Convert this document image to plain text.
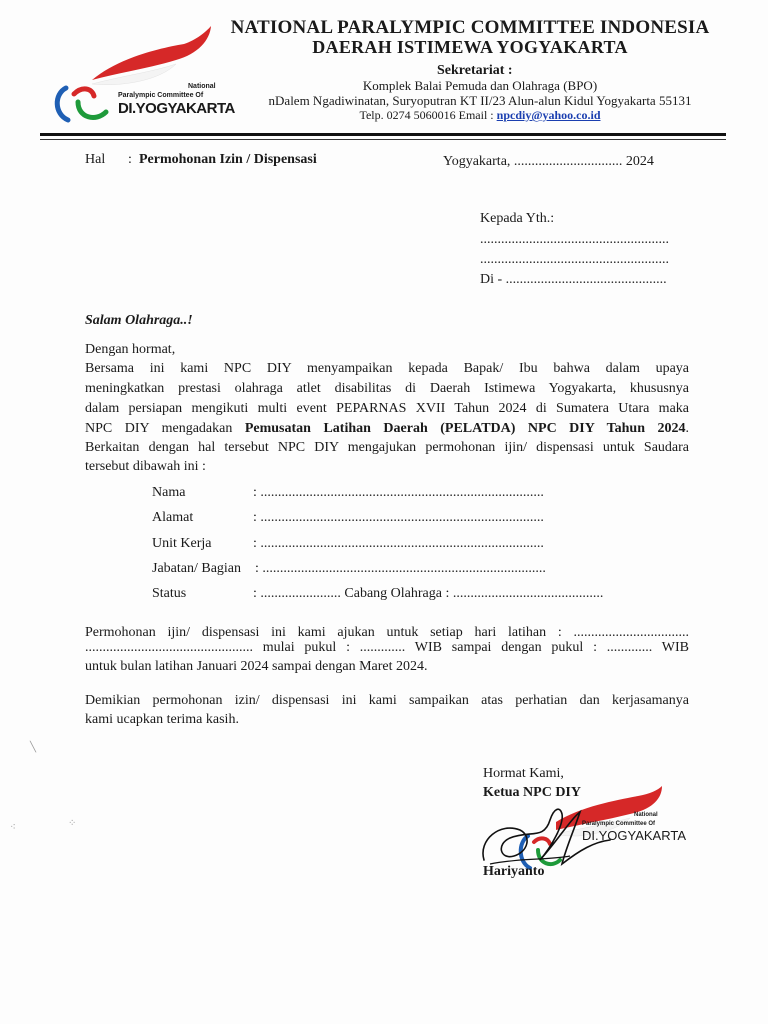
National
Paralympic Committee Of
DI.YOGYAKARTA
NATIONAL PARALYMPIC COMMITTEE INDONESIA
DAERAH ISTIMEWA YOGYAKARTA
Sekretariat :
Komplek Balai Pemuda dan Olahraga (BPO)
nDalem Ngadiwinatan, Suryoputran KT II/23 Alun-alun Kidul Yogyakarta 55131
Telp. 0274 5060016 Email : npcdiy@yahoo.co.id
Hal : Permohonan Izin / Dispensasi	Yogyakarta, ............................... 2024
Kepada Yth.:
......................................................
......................................................
Di - ..............................................
Salam Olahraga..!
Dengan hormat,
Bersama ini kami NPC DIY menyampaikan kepada Bapak/ Ibu bahwa dalam upaya
meningkatkan prestasi olahraga atlet disabilitas di Daerah Istimewa Yogyakarta, khususnya
dalam persiapan mengikuti multi event PEPARNAS XVII Tahun 2024 di Sumatera Utara maka
NPC DIY mengadakan Pemusatan Latihan Daerah (PELATDA) NPC DIY Tahun 2024.
Berkaitan dengan hal tersebut NPC DIY mengajukan permohonan ijin/ dispensasi untuk Saudara
tersebut dibawah ini :
Nama	: .................................................................................
Alamat	: .................................................................................
Unit Kerja	: .................................................................................
Jabatan/ Bagian : .................................................................................
Status	: ....................... Cabang Olahraga : ...........................................
Permohonan ijin/ dispensasi ini kami ajukan untuk setiap hari latihan : .................................
................................................ mulai pukul : ............. WIB sampai dengan pukul : ............. WIB
untuk bulan latihan Januari 2024 sampai dengan Maret 2024.
Demikian permohonan izin/ dispensasi ini kami sampaikan atas perhatian dan kerjasamanya
kami ucapkan terima kasih.
Hormat Kami,
Ketua NPC DIY
National
Paralympic Committee Of
DI.YOGYAKARTA
Hariyanto
╲
⁖	⁘
